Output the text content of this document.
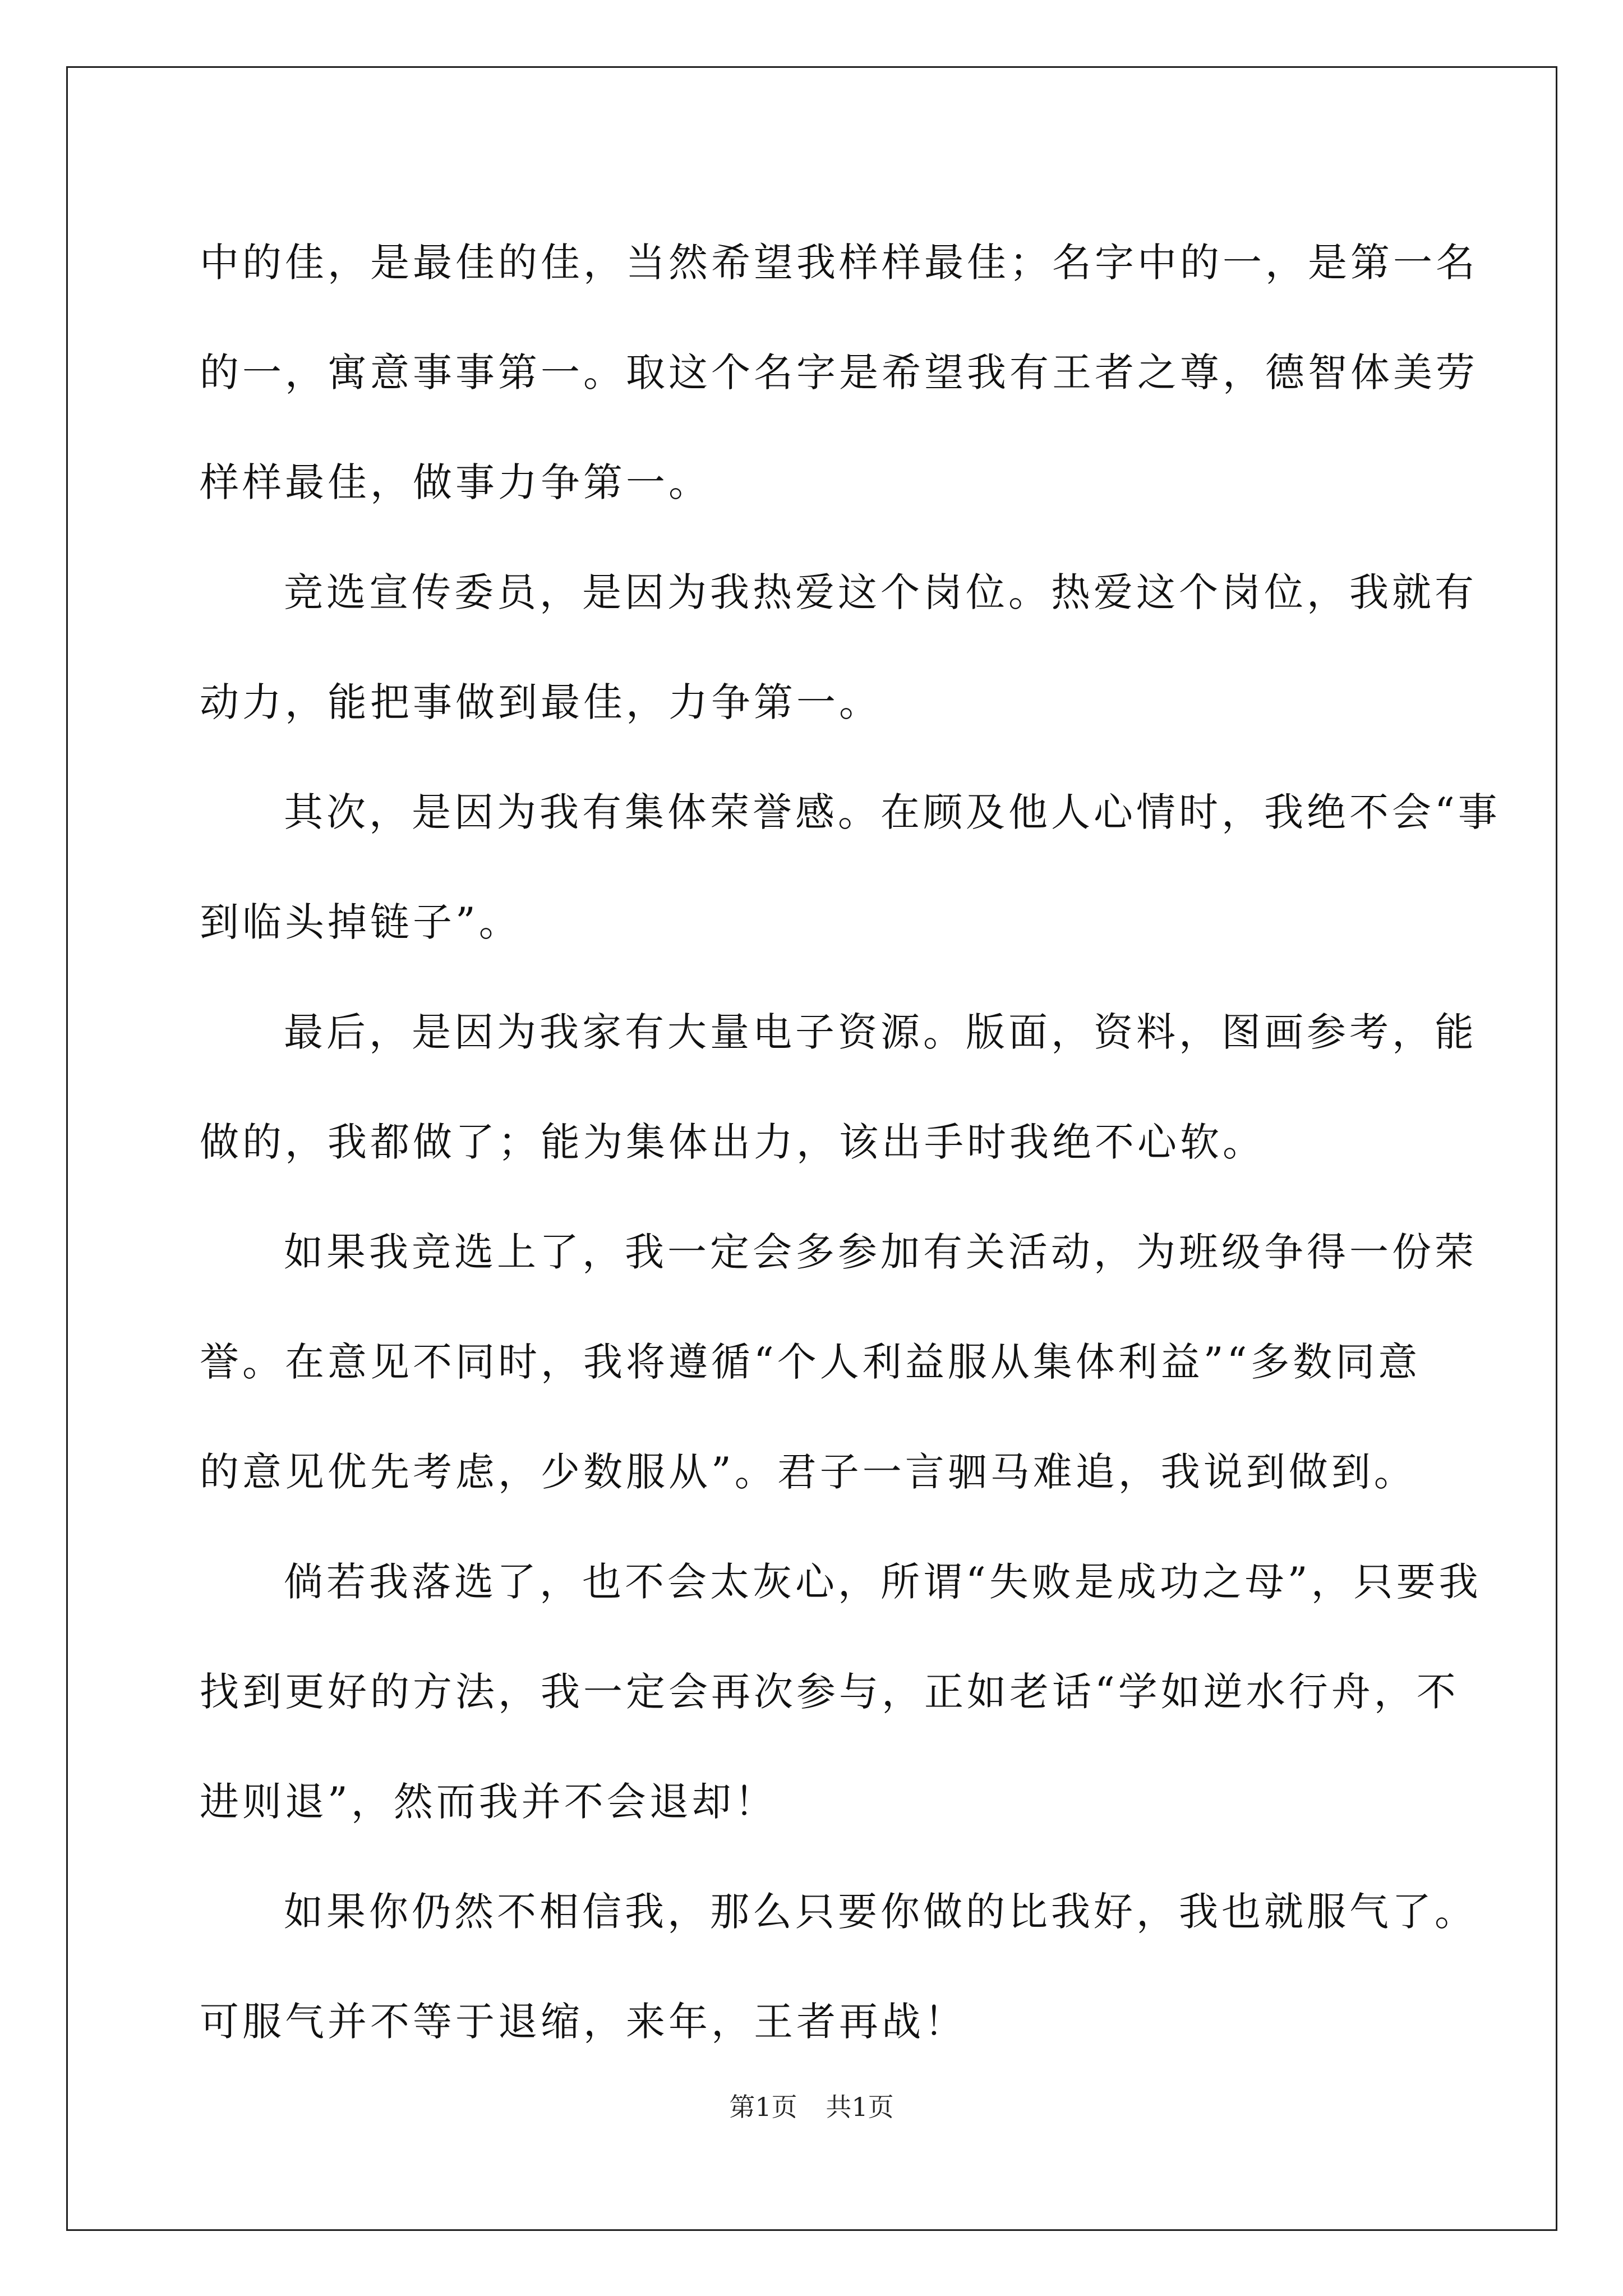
中的佳，是最佳的佳，当然希望我样样最佳；名字中的一，是第一名
的一，寓意事事第一。取这个名字是希望我有王者之尊，德智体美劳
样样最佳，做事力争第一。
竞选宣传委员，是因为我热爱这个岗位。热爱这个岗位，我就有
动力，能把事做到最佳，力争第一。
其次，是因为我有集体荣誉感。在顾及他人心情时，我绝不会“事
到临头掉链子”。
最后，是因为我家有大量电子资源。版面，资料，图画参考，能
做的，我都做了；能为集体出力，该出手时我绝不心软。
如果我竞选上了，我一定会多参加有关活动，为班级争得一份荣
誉。在意见不同时，我将遵循“个人利益服从集体利益”“多数同意
的意见优先考虑，少数服从”。君子一言驷马难追，我说到做到。
倘若我落选了，也不会太灰心，所谓“失败是成功之母”，只要我
找到更好的方法，我一定会再次参与，正如老话“学如逆水行舟，不
进则退”，然而我并不会退却！
如果你仍然不相信我，那么只要你做的比我好，我也就服气了。
可服气并不等于退缩，来年，王者再战！
第1页 共1页
